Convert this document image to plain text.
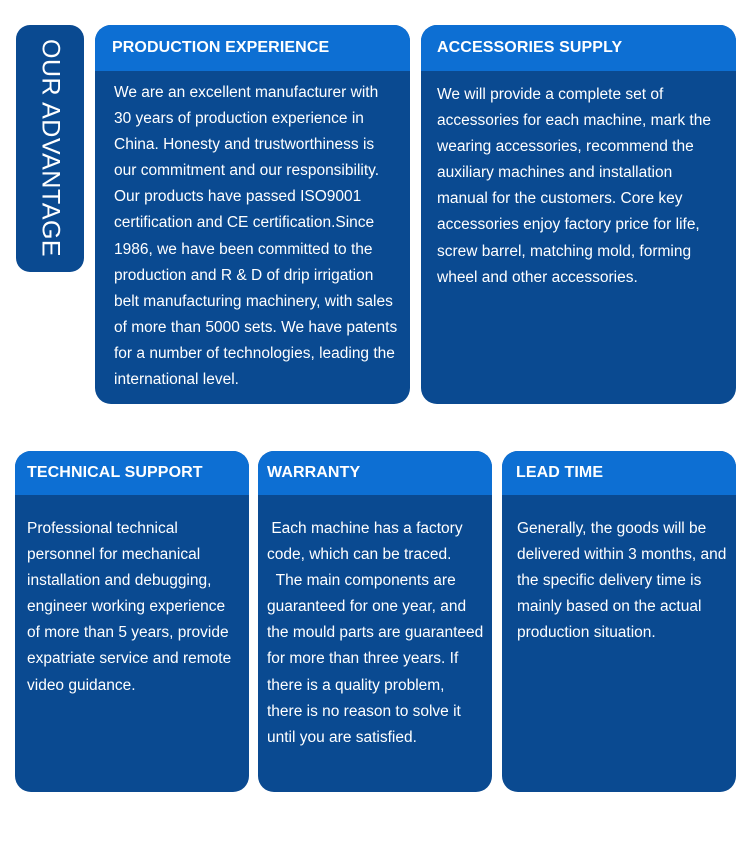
OUR ADVANTAGE	PRODUCTION EXPERIENCE
We are an excellent manufacturer with 30 years of production experience in China. Honesty and trustworthiness is our commitment and our responsibility. Our products have passed ISO9001 certification and CE certification.Since 1986, we have been committed to the production and R & D of drip irrigation belt manufacturing machinery, with sales of more than 5000 sets. We have patents for a number of technologies, leading the international level.
ACCESSORIES SUPPLY
We will provide a complete set of accessories for each machine, mark the wearing accessories, recommend the auxiliary machines and installation manual for the customers. Core key accessories enjoy factory price for life, screw barrel, matching mold, forming wheel and other accessories.
TECHNICAL SUPPORT
Professional technical personnel for mechanical installation and debugging, engineer working experience of more than 5 years, provide expatriate service and remote video guidance.
WARRANTY
Each machine has a factory code, which can be traced.
The main components are guaranteed for one year, and the mould parts are guaranteed for more than three years. If there is a quality problem, there is no reason to solve it until you are satisfied.
LEAD TIME
Generally, the goods will be delivered within 3 months, and the specific delivery time is mainly based on the actual production situation.
